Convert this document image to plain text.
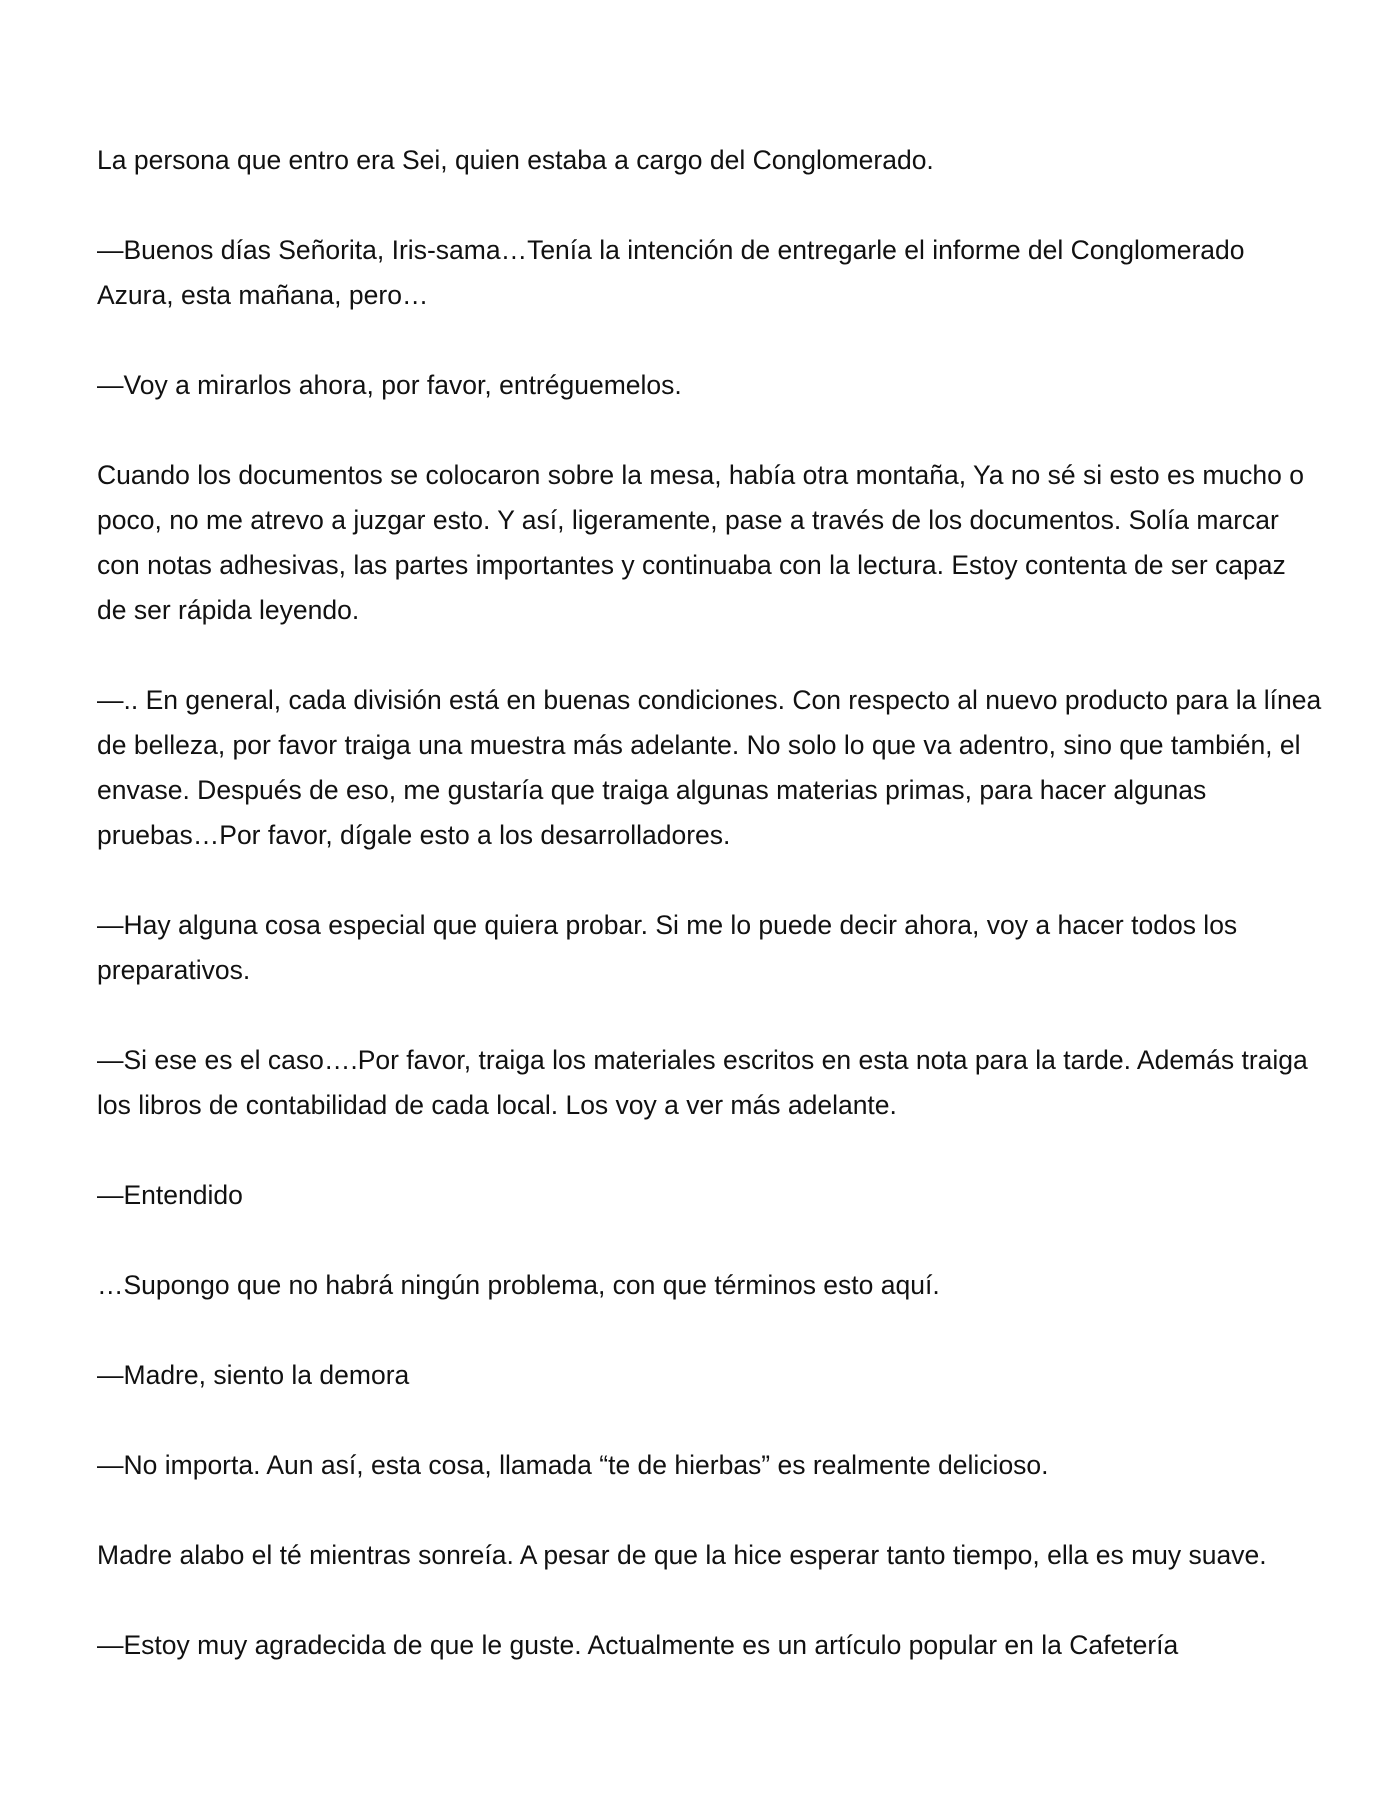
La persona que entro era Sei, quien estaba a cargo del Conglomerado.

—Buenos días Señorita, Iris-sama…Tenía la intención de entregarle el informe del Conglomerado Azura, esta mañana, pero…

—Voy a mirarlos ahora, por favor, entréguemelos.

Cuando los documentos se colocaron sobre la mesa, había otra montaña, Ya no sé si esto es mucho o poco, no me atrevo a juzgar esto. Y así, ligeramente, pase a través de los documentos. Solía marcar con notas adhesivas, las partes importantes y continuaba con la lectura. Estoy contenta de ser capaz de ser rápida leyendo.

—.. En general, cada división está en buenas condiciones. Con respecto al nuevo producto para la línea de belleza, por favor traiga una muestra más adelante. No solo lo que va adentro, sino que también, el envase. Después de eso, me gustaría que traiga algunas materias primas, para hacer algunas pruebas…Por favor, dígale esto a los desarrolladores.

—Hay alguna cosa especial que quiera probar. Si me lo puede decir ahora, voy a hacer todos los preparativos.

—Si ese es el caso….Por favor, traiga los materiales escritos en esta nota para la tarde. Además traiga los libros de contabilidad de cada local. Los voy a ver más adelante.

—Entendido

…Supongo que no habrá ningún problema, con que términos esto aquí.

—Madre, siento la demora

—No importa. Aun así, esta cosa, llamada “te de hierbas” es realmente delicioso.

Madre alabo el té mientras sonreía. A pesar de que la hice esperar tanto tiempo, ella es muy suave.

—Estoy muy agradecida de que le guste. Actualmente es un artículo popular en la Cafetería
